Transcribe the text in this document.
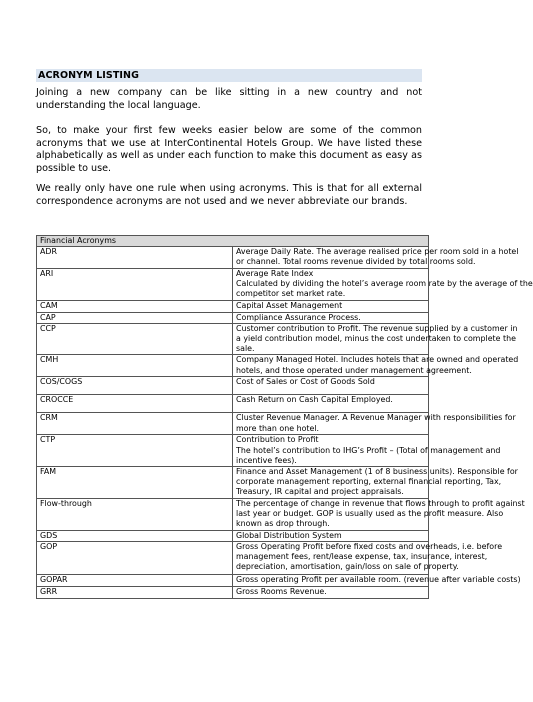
ACRONYM LISTING

Joining a new company can be like sitting in a new country and not understanding the local language.

So, to make your first few weeks easier below are some of the common acronyms that we use at InterContinental Hotels Group. We have listed these alphabetically as well as under each function to make this document as easy as possible to use.

We really only have one rule when using acronyms. This is that for all external correspondence acronyms are not used and we never abbreviate our brands.

Financial Acronyms	
ADR	Average Daily Rate. The average realised price per room sold in a hotel
or channel. Total rooms revenue divided by total rooms sold.

ARI	Average Rate Index
Calculated by dividing the hotel’s average room rate by the average of the
competitor set market rate.

CAM	Capital Asset Management

CAP	Compliance Assurance Process.

CCP	Customer contribution to Profit. The revenue supplied by a customer in
a yield contribution model, minus the cost undertaken to complete the
sale.

CMH	Company Managed Hotel. Includes hotels that are owned and operated
hotels, and those operated under management agreement.

COS/COGS	Cost of Sales or Cost of Goods Sold

CROCCE	Cash Return on Cash Capital Employed.

CRM	Cluster Revenue Manager. A Revenue Manager with responsibilities for
more than one hotel.

CTP	Contribution to Profit
The hotel’s contribution to IHG’s Profit – (Total of management and
incentive fees).

FAM	Finance and Asset Management (1 of 8 business units). Responsible for
corporate management reporting, external financial reporting, Tax,
Treasury, IR capital and project appraisals.

Flow-through	The percentage of change in revenue that flows through to profit against
last year or budget. GOP is usually used as the profit measure. Also
known as drop through.

GDS	Global Distribution System

GOP	Gross Operating Profit before fixed costs and overheads, i.e. before
management fees, rent/lease expense, tax, insurance, interest,
depreciation, amortisation, gain/loss on sale of property.

GOPAR	Gross operating Profit per available room. (revenue after variable costs)

GRR	Gross Rooms Revenue.
